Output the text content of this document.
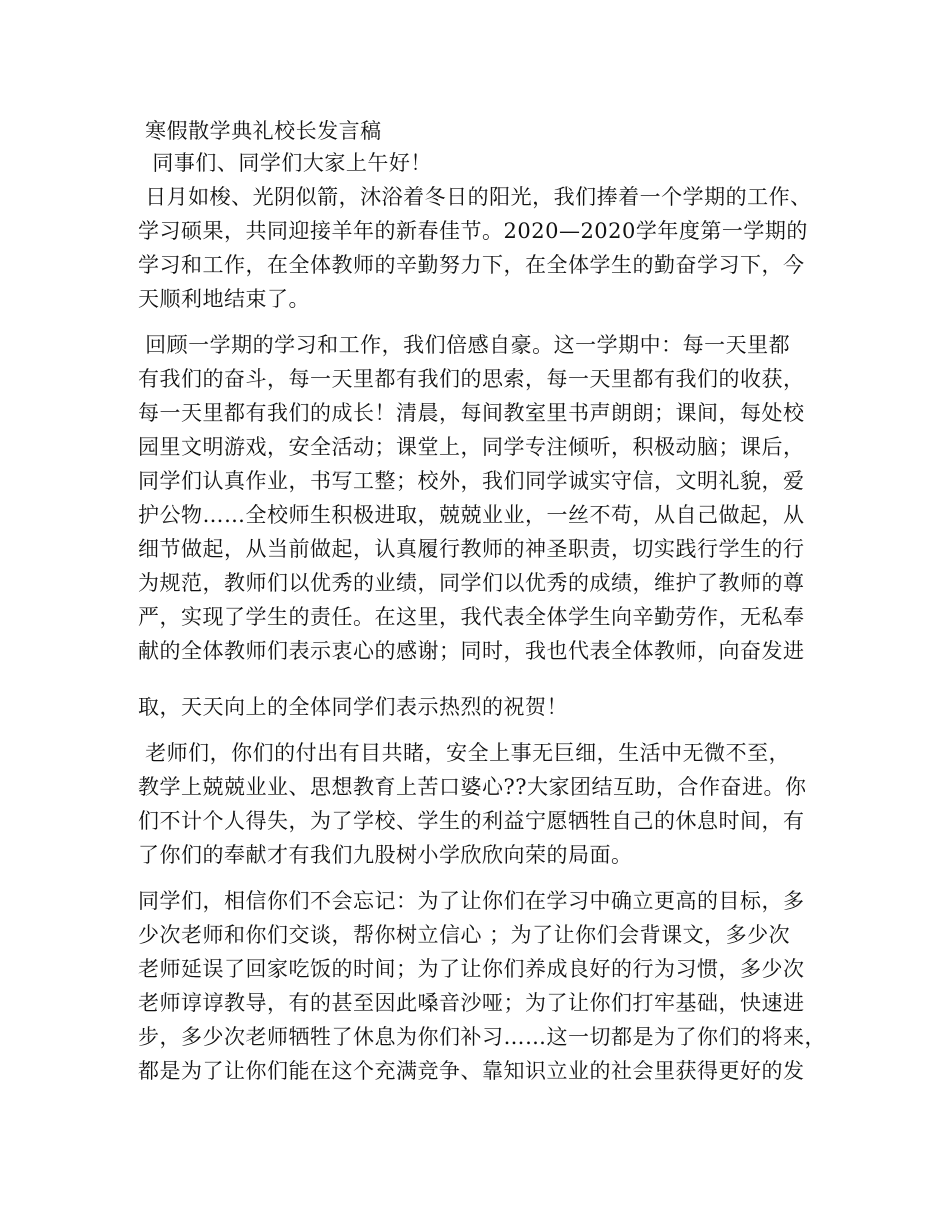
寒假散学典礼校长发言稿
同事们、同学们大家上午好！
日月如梭、光阴似箭，沐浴着冬日的阳光，我们捧着一个学期的工作、
学习硕果，共同迎接羊年的新春佳节。2020—2020学年度第一学期的
学习和工作，在全体教师的辛勤努力下，在全体学生的勤奋学习下，今
天顺利地结束了。
回顾一学期的学习和工作，我们倍感自豪。这一学期中：每一天里都
有我们的奋斗，每一天里都有我们的思索，每一天里都有我们的收获，
每一天里都有我们的成长！清晨，每间教室里书声朗朗；课间，每处校
园里文明游戏，安全活动；课堂上，同学专注倾听，积极动脑；课后，
同学们认真作业，书写工整；校外，我们同学诚实守信，文明礼貌，爱
护公物……全校师生积极进取，兢兢业业，一丝不苟，从自己做起，从
细节做起，从当前做起，认真履行教师的神圣职责，切实践行学生的行
为规范，教师们以优秀的业绩，同学们以优秀的成绩，维护了教师的尊
严，实现了学生的责任。在这里，我代表全体学生向辛勤劳作，无私奉
献的全体教师们表示衷心的感谢；同时，我也代表全体教师，向奋发进
取，天天向上的全体同学们表示热烈的祝贺！
老师们，你们的付出有目共睹，安全上事无巨细，生活中无微不至，
教学上兢兢业业、思想教育上苦口婆心??大家团结互助，合作奋进。你
们不计个人得失，为了学校、学生的利益宁愿牺牲自己的休息时间，有
了你们的奉献才有我们九股树小学欣欣向荣的局面。
同学们，相信你们不会忘记：为了让你们在学习中确立更高的目标，多
少次老师和你们交谈，帮你树立信心 ；为了让你们会背课文，多少次
老师延误了回家吃饭的时间；为了让你们养成良好的行为习惯，多少次
老师谆谆教导，有的甚至因此嗓音沙哑；为了让你们打牢基础，快速进
步，多少次老师牺牲了休息为你们补习……这一切都是为了你们的将来，
都是为了让你们能在这个充满竞争、靠知识立业的社会里获得更好的发
